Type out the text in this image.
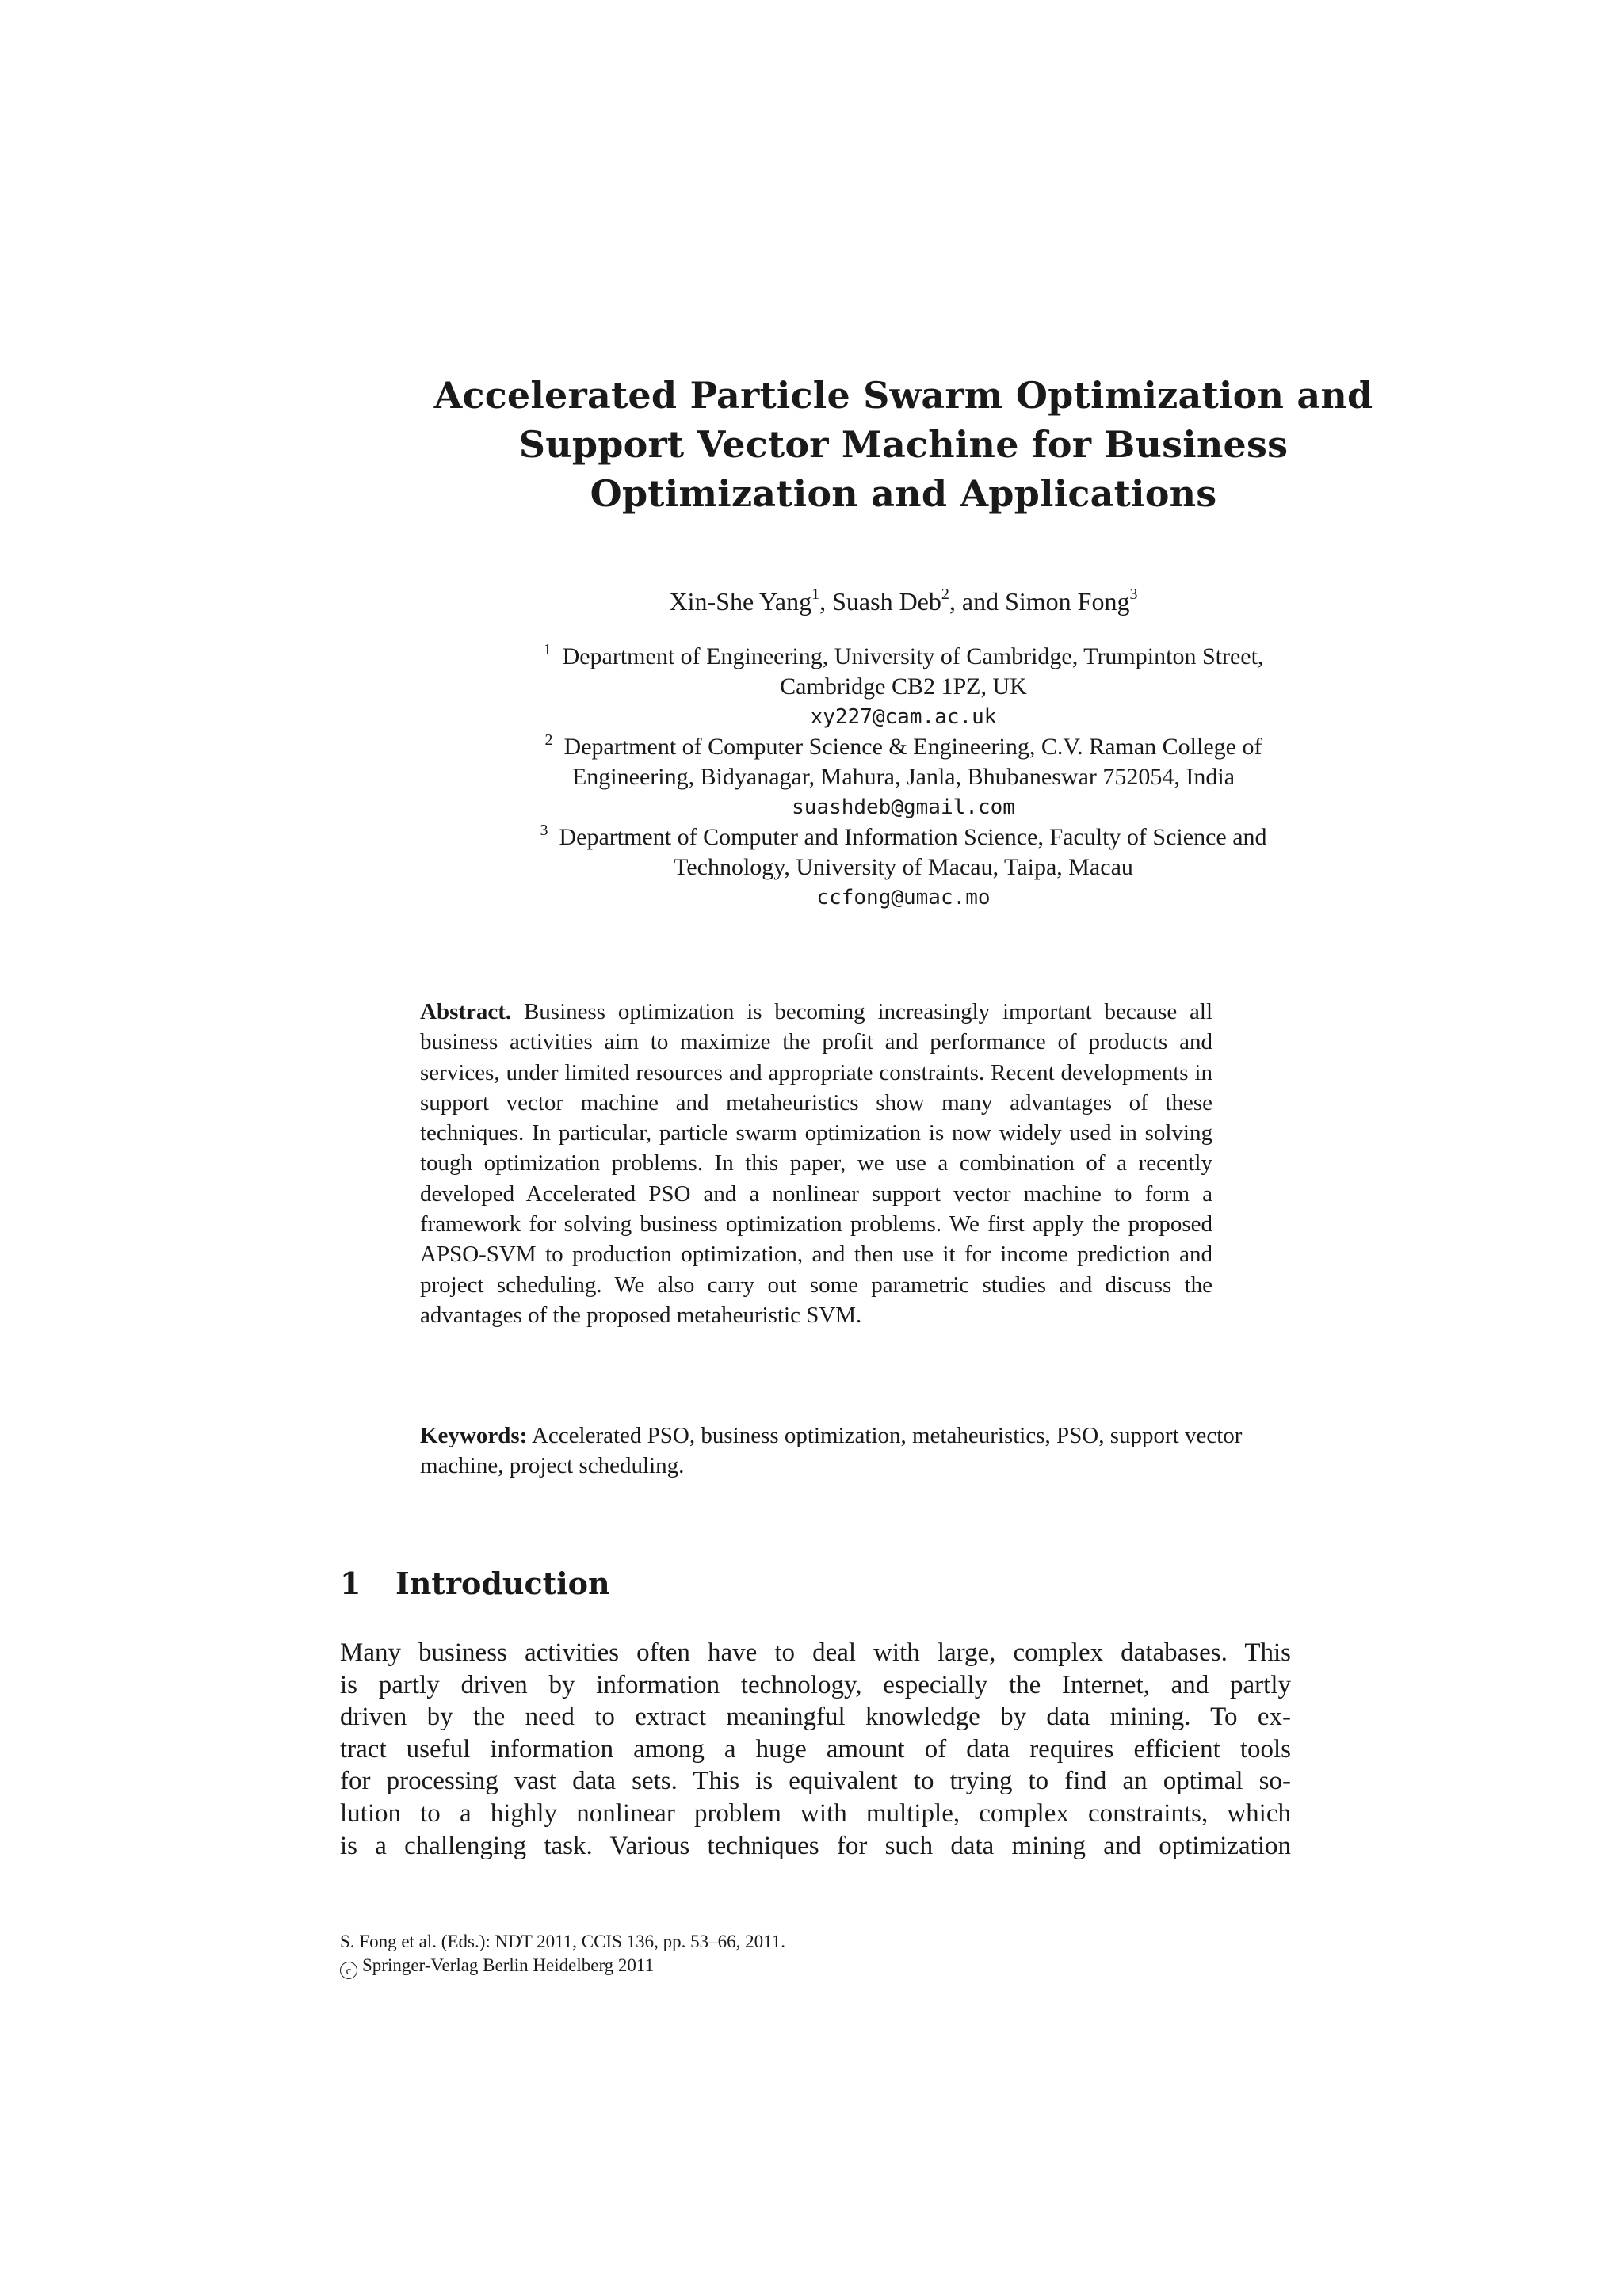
Accelerated Particle Swarm Optimization and
Support Vector Machine for Business
Optimization and Applications
Xin-She Yang$^1$, Suash Deb$^2$, and Simon Fong$^3$
$^1$ Department of Engineering, University of Cambridge, Trumpinton Street,
Cambridge CB2 1PZ, UK
xy227@cam.ac.uk
$^2$ Department of Computer Science & Engineering, C.V. Raman College of
Engineering, Bidyanagar, Mahura, Janla, Bhubaneswar 752054, India
suashdeb@gmail.com
$^3$ Department of Computer and Information Science, Faculty of Science and
Technology, University of Macau, Taipa, Macau
ccfong@umac.mo
Abstract. Business optimization is becoming increasingly important because all business activities aim to maximize the profit and performance of products and services, under limited resources and appropriate constraints. Recent developments in support vector machine and metaheuristics show many advantages of these techniques. In particular, particle swarm optimization is now widely used in solving tough optimization problems. In this paper, we use a combination of a recently developed Accelerated PSO and a nonlinear support vector machine to form a framework for solving business optimization problems. We first apply the proposed APSO-SVM to production optimization, and then use it for income prediction and project scheduling. We also carry out some parametric studies and discuss the advantages of the proposed metaheuristic SVM.
Keywords: Accelerated PSO, business optimization, metaheuristics, PSO, support vector machine, project scheduling.
1 Introduction
Many business activities often have to deal with large, complex databases. This
is partly driven by information technology, especially the Internet, and partly
driven by the need to extract meaningful knowledge by data mining. To ex-
tract useful information among a huge amount of data requires efficient tools
for processing vast data sets. This is equivalent to trying to find an optimal so-
lution to a highly nonlinear problem with multiple, complex constraints, which
is a challenging task. Various techniques for such data mining and optimization
S. Fong et al. (Eds.): NDT 2011, CCIS 136, pp. 53–66, 2011.
c Springer-Verlag Berlin Heidelberg 2011
